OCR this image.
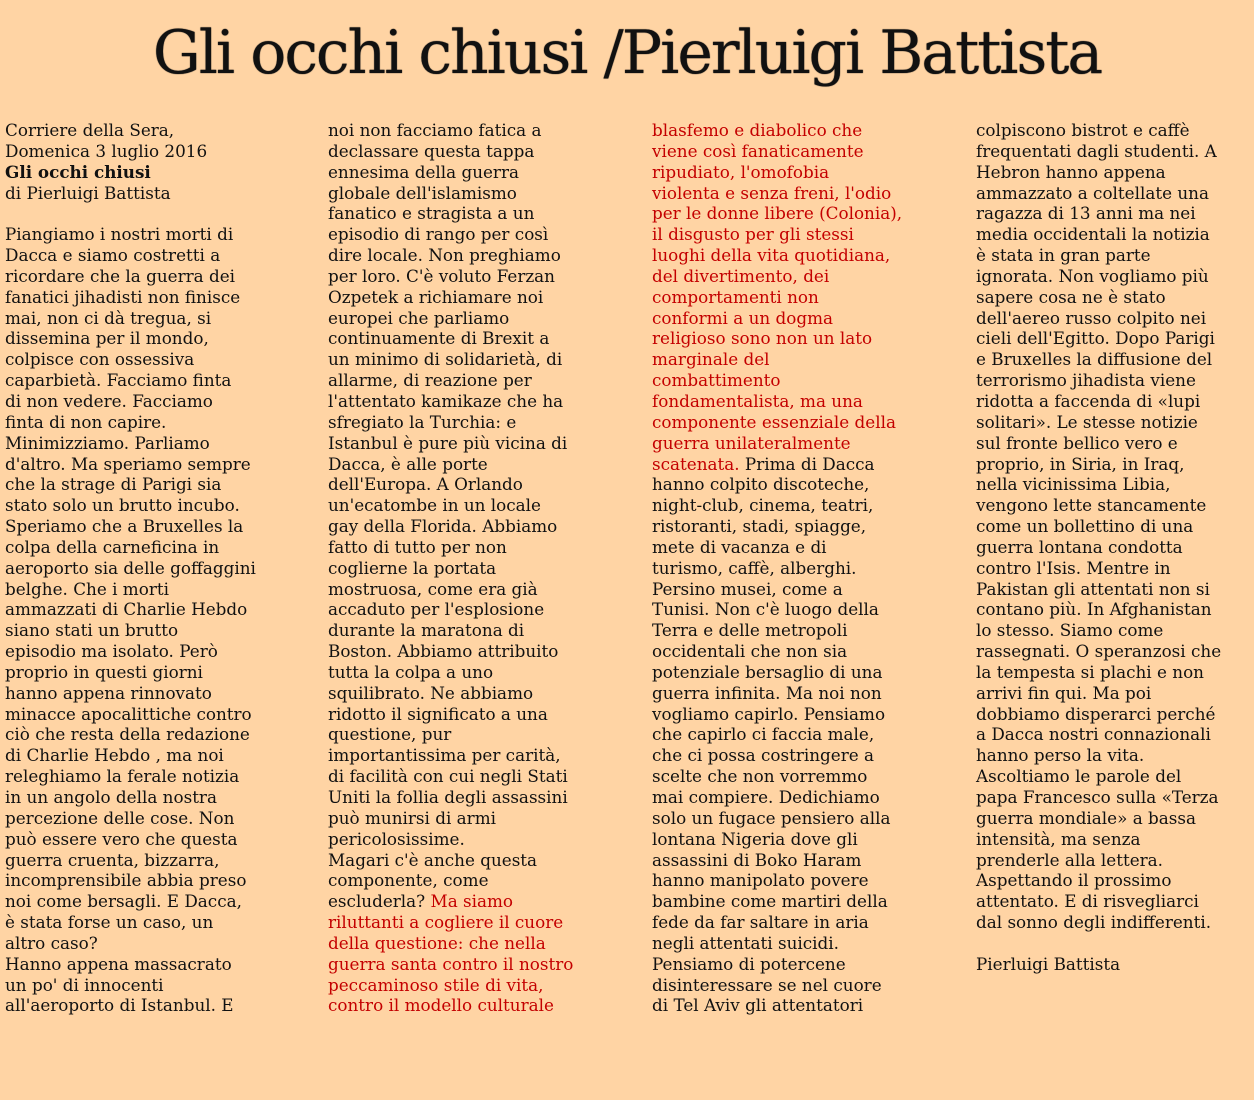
Gli occhi chiusi /Pierluigi Battista
Corriere della Sera,
Domenica 3 luglio 2016
Gli occhi chiusi
di Pierluigi Battista

Piangiamo i nostri morti di
Dacca e siamo costretti a
ricordare che la guerra dei
fanatici jihadisti non finisce
mai, non ci dà tregua, si
dissemina per il mondo,
colpisce con ossessiva
caparbietà. Facciamo finta
di non vedere. Facciamo
finta di non capire.
Minimizziamo. Parliamo
d'altro. Ma speriamo sempre
che la strage di Parigi sia
stato solo un brutto incubo.
Speriamo che a Bruxelles la
colpa della carneficina in
aeroporto sia delle goffaggini
belghe. Che i morti
ammazzati di Charlie Hebdo
siano stati un brutto
episodio ma isolato. Però
proprio in questi giorni
hanno appena rinnovato
minacce apocalittiche contro
ciò che resta della redazione
di Charlie Hebdo , ma noi
releghiamo la ferale notizia
in un angolo della nostra
percezione delle cose. Non
può essere vero che questa
guerra cruenta, bizzarra,
incomprensibile abbia preso
noi come bersagli. E Dacca,
è stata forse un caso, un
altro caso?
Hanno appena massacrato
un po' di innocenti
all'aeroporto di Istanbul. E
noi non facciamo fatica a
declassare questa tappa
ennesima della guerra
globale dell'islamismo
fanatico e stragista a un
episodio di rango per così
dire locale. Non preghiamo
per loro. C'è voluto Ferzan
Ozpetek a richiamare noi
europei che parliamo
continuamente di Brexit a
un minimo di solidarietà, di
allarme, di reazione per
l'attentato kamikaze che ha
sfregiato la Turchia: e
Istanbul è pure più vicina di
Dacca, è alle porte
dell'Europa. A Orlando
un'ecatombe in un locale
gay della Florida. Abbiamo
fatto di tutto per non
coglierne la portata
mostruosa, come era già
accaduto per l'esplosione
durante la maratona di
Boston. Abbiamo attribuito
tutta la colpa a uno
squilibrato. Ne abbiamo
ridotto il significato a una
questione, pur
importantissima per carità,
di facilità con cui negli Stati
Uniti la follia degli assassini
può munirsi di armi
pericolosissime.
Magari c'è anche questa
componente, come
escluderla? Ma siamo
riluttanti a cogliere il cuore
della questione: che nella
guerra santa contro il nostro
peccaminoso stile di vita,
contro il modello culturale
blasfemo e diabolico che
viene così fanaticamente
ripudiato, l'omofobia
violenta e senza freni, l'odio
per le donne libere (Colonia),
il disgusto per gli stessi
luoghi della vita quotidiana,
del divertimento, dei
comportamenti non
conformi a un dogma
religioso sono non un lato
marginale del
combattimento
fondamentalista, ma una
componente essenziale della
guerra unilateralmente
scatenata. Prima di Dacca
hanno colpito discoteche,
night-club, cinema, teatri,
ristoranti, stadi, spiagge,
mete di vacanza e di
turismo, caffè, alberghi.
Persino musei, come a
Tunisi. Non c'è luogo della
Terra e delle metropoli
occidentali che non sia
potenziale bersaglio di una
guerra infinita. Ma noi non
vogliamo capirlo. Pensiamo
che capirlo ci faccia male,
che ci possa costringere a
scelte che non vorremmo
mai compiere. Dedichiamo
solo un fugace pensiero alla
lontana Nigeria dove gli
assassini di Boko Haram
hanno manipolato povere
bambine come martiri della
fede da far saltare in aria
negli attentati suicidi.
Pensiamo di potercene
disinteressare se nel cuore
di Tel Aviv gli attentatori
colpiscono bistrot e caffè
frequentati dagli studenti. A
Hebron hanno appena
ammazzato a coltellate una
ragazza di 13 anni ma nei
media occidentali la notizia
è stata in gran parte
ignorata. Non vogliamo più
sapere cosa ne è stato
dell'aereo russo colpito nei
cieli dell'Egitto. Dopo Parigi
e Bruxelles la diffusione del
terrorismo jihadista viene
ridotta a faccenda di «lupi
solitari». Le stesse notizie
sul fronte bellico vero e
proprio, in Siria, in Iraq,
nella vicinissima Libia,
vengono lette stancamente
come un bollettino di una
guerra lontana condotta
contro l'Isis. Mentre in
Pakistan gli attentati non si
contano più. In Afghanistan
lo stesso. Siamo come
rassegnati. O speranzosi che
la tempesta si plachi e non
arrivi fin qui. Ma poi
dobbiamo disperarci perché
a Dacca nostri connazionali
hanno perso la vita.
Ascoltiamo le parole del
papa Francesco sulla «Terza
guerra mondiale» a bassa
intensità, ma senza
prenderle alla lettera.
Aspettando il prossimo
attentato. E di risvegliarci
dal sonno degli indifferenti.

Pierluigi Battista
